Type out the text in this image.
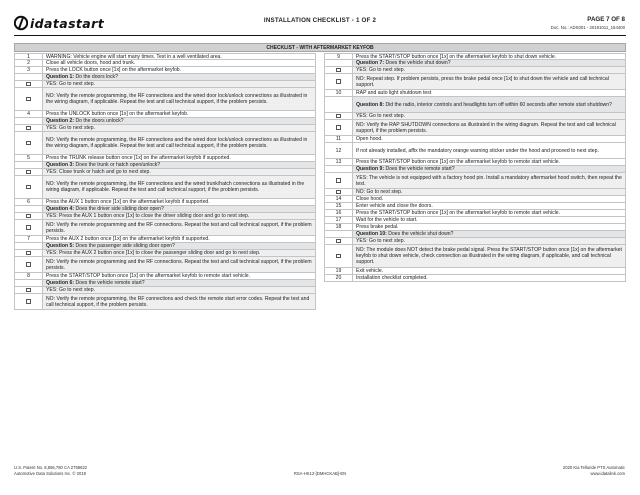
idatastart	INSTALLATION CHECKLIST - 1 OF 2	PAGE 7 OF 8
Doc. No.: ADS001 - 20191011_154400
CHECKLIST - WITH AFTERMARKET KEYFOB
1	WARNING: Vehicle engine will start many times. Test in a well ventilated area.
2	Close all vehicle doors, hood and trunk.
3	Press the LOCK button once [1x] on the aftermarket keyfob.
Question 1: Do the doors lock?
YES: Go to next step.
NO: Verify the remote programming, the RF connections and the wired door lock/unlock connections as illustrated in the wiring diagram, if applicable. Repeat the test and call technical support, if the problem persists.
4	Press the UNLOCK button once [1x] on the aftermarket keyfob.
Question 2: Do the doors unlock?
YES: Go to next step.
NO: Verify the remote programming, the RF connections and the wired door lock/unlock connections as illustrated in the wiring diagram, if applicable. Repeat the test and call technical support, if the problem persists.
5	Press the TRUNK release button once [1x] on the aftermarket keyfob if supported.
Question 3: Does the trunk or hatch open/unlock?
YES: Close trunk or hatch and go to next step.
NO: Verify the remote programming, the RF connections and the wired trunk/hatch connections as illustrated in the wiring diagram, if applicable. Repeat the test and call technical support, if the problem persists.
6	Press the AUX 1 button once [1x] on the aftermarket keyfob if supported.
Question 4: Does the driver side sliding door open?
YES: Press the AUX 1 button once [1x] to close the driver sliding door and go to next step.
NO: Verify the remote programming and the RF connections. Repeat the test and call technical support, if the problem persists.
7	Press the AUX 2 button once [1x] on the aftermarket keyfob if supported.
Question 5: Does the passenger side sliding door open?
YES: Press the AUX 2 button once [1x] to close the passenger sliding door and go to next step.
NO: Verify the remote programming and the RF connections. Repeat the test and call technical support, if the problem persists.
8	Press the START/STOP button once [1x] on the aftermarket keyfob to remote start vehicle.
Question 6: Does the vehicle remote start?
YES: Go to next step.
NO: Verify the remote programming, the RF connections and check the remote start error codes. Repeat the test and call technical support, if the problem persists.
9	Press the START/STOP button once [1x] on the aftermarket keyfob to shut down vehicle.
Question 7: Does the vehicle shut down?
YES: Go to next step.
NO: Repeat step. If problem persists, press the brake pedal once [1x] to shut down the vehicle and call technical support.
10	RAP and auto light shutdown test
Question 8: Did the radio, interior controls and headlights turn off within 60 seconds after remote start shutdown?
YES: Go to next step.
NO: Verify the RAP SHUTDOWN connections as illustrated in the wiring diagram. Repeat the test and call technical support, if the problem persists.
11	Open hood.
12	If not already installed, affix the mandatory orange warning sticker under the hood and proceed to next step.
13	Press the START/STOP button once [1x] on the aftermarket keyfob to remote start vehicle.
Question 9: Does the vehicle remote start?
YES: The vehicle is not equipped with a factory hood pin. Install a mandatory aftermarket hood switch, then repeat the test.
NO: Go to next step.
14	Close hood.
15	Enter vehicle and close the doors.
16	Press the START/STOP button once [1x] on the aftermarket keyfob to remote start vehicle.
17	Wait for the vehicle to start.
18	Press brake pedal.
Question 10: Does the vehicle shut down?
YES: Go to next step.
NO: The module does NOT detect the brake pedal signal. Press the START/STOP button once [1x] on the aftermarket keyfob to shut down vehicle, check connection as illustrated in the wiring diagram, if applicable, and call technical support.
19	Exit vehicle.
20	Installation checklist completed.
U.S. Patent No. 8,856,780 CA 2759622
Automotive Data Solutions Inc. © 2019	RSA-HK12-[DMHCKAB]-EN
2020 Kia Telluride PTS Automatic
www.idatalink.com
